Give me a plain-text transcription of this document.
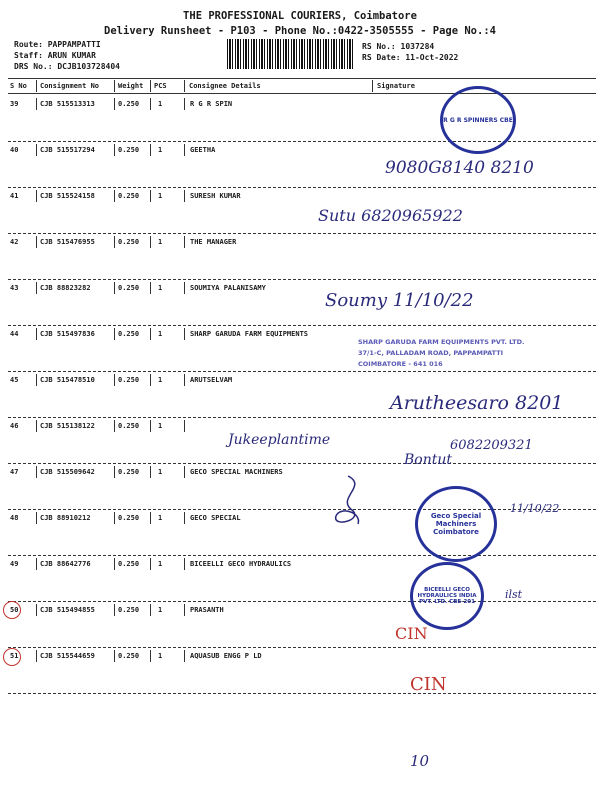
THE PROFESSIONAL COURIERS, Coimbatore
Delivery Runsheet - P103 - Phone No.:0422-3505555 - Page No.:4
Route: PAPPAMPATTI
Staff: ARUN KUMAR
DRS No.: DCJB103728404
RS No.: 1037284
RS Date: 11-Oct-2022
S No Consignment No	Weight PCS	Consignee Details	Signature
39	CJB 515513313	0.250	1	R G R SPIN
40	CJB 515517294	0.250	1	GEETHA
41	CJB 515524158	0.250	1	SURESH KUMAR
42	CJB 515476955	0.250	1	THE MANAGER
43	CJB 88823282	0.250	1	SOUMIYA PALANISAMY
44	CJB 515497836	0.250	1	SHARP GARUDA FARM EQUIPMENTS
45	CJB 515478510	0.250	1	ARUTSELVAM
46	CJB 515138122	0.250	1
47	CJB 515509642	0.250	1	GECO SPECIAL MACHINERS
48	CJB 88910212	0.250	1	GECO SPECIAL
49	CJB 88642776	0.250	1	BICEELLI GECO HYDRAULICS
50	CJB 515494855	0.250	1	PRASANTH
51	CJB 515544659	0.250	1	AQUASUB ENGG P LD
R G R SPINNERS CBE
SHARP GARUDA FARM EQUIPMENTS PVT. LTD.
37/1-C, PALLADAM ROAD, PAPPAMPATTI
COIMBATORE - 641 016
Geco Special Machiners Coimbatore
BICEELLI GECO HYDRAULICS INDIA PVT. LTD. CBE-201
9080G8140 8210
Sutu 6820965922
Soumy 11/10/22
Arutheesaro 8201
Jukeeplantime	6082209321
Bontut
11/10/22
ilst
CIN
CIN
10
